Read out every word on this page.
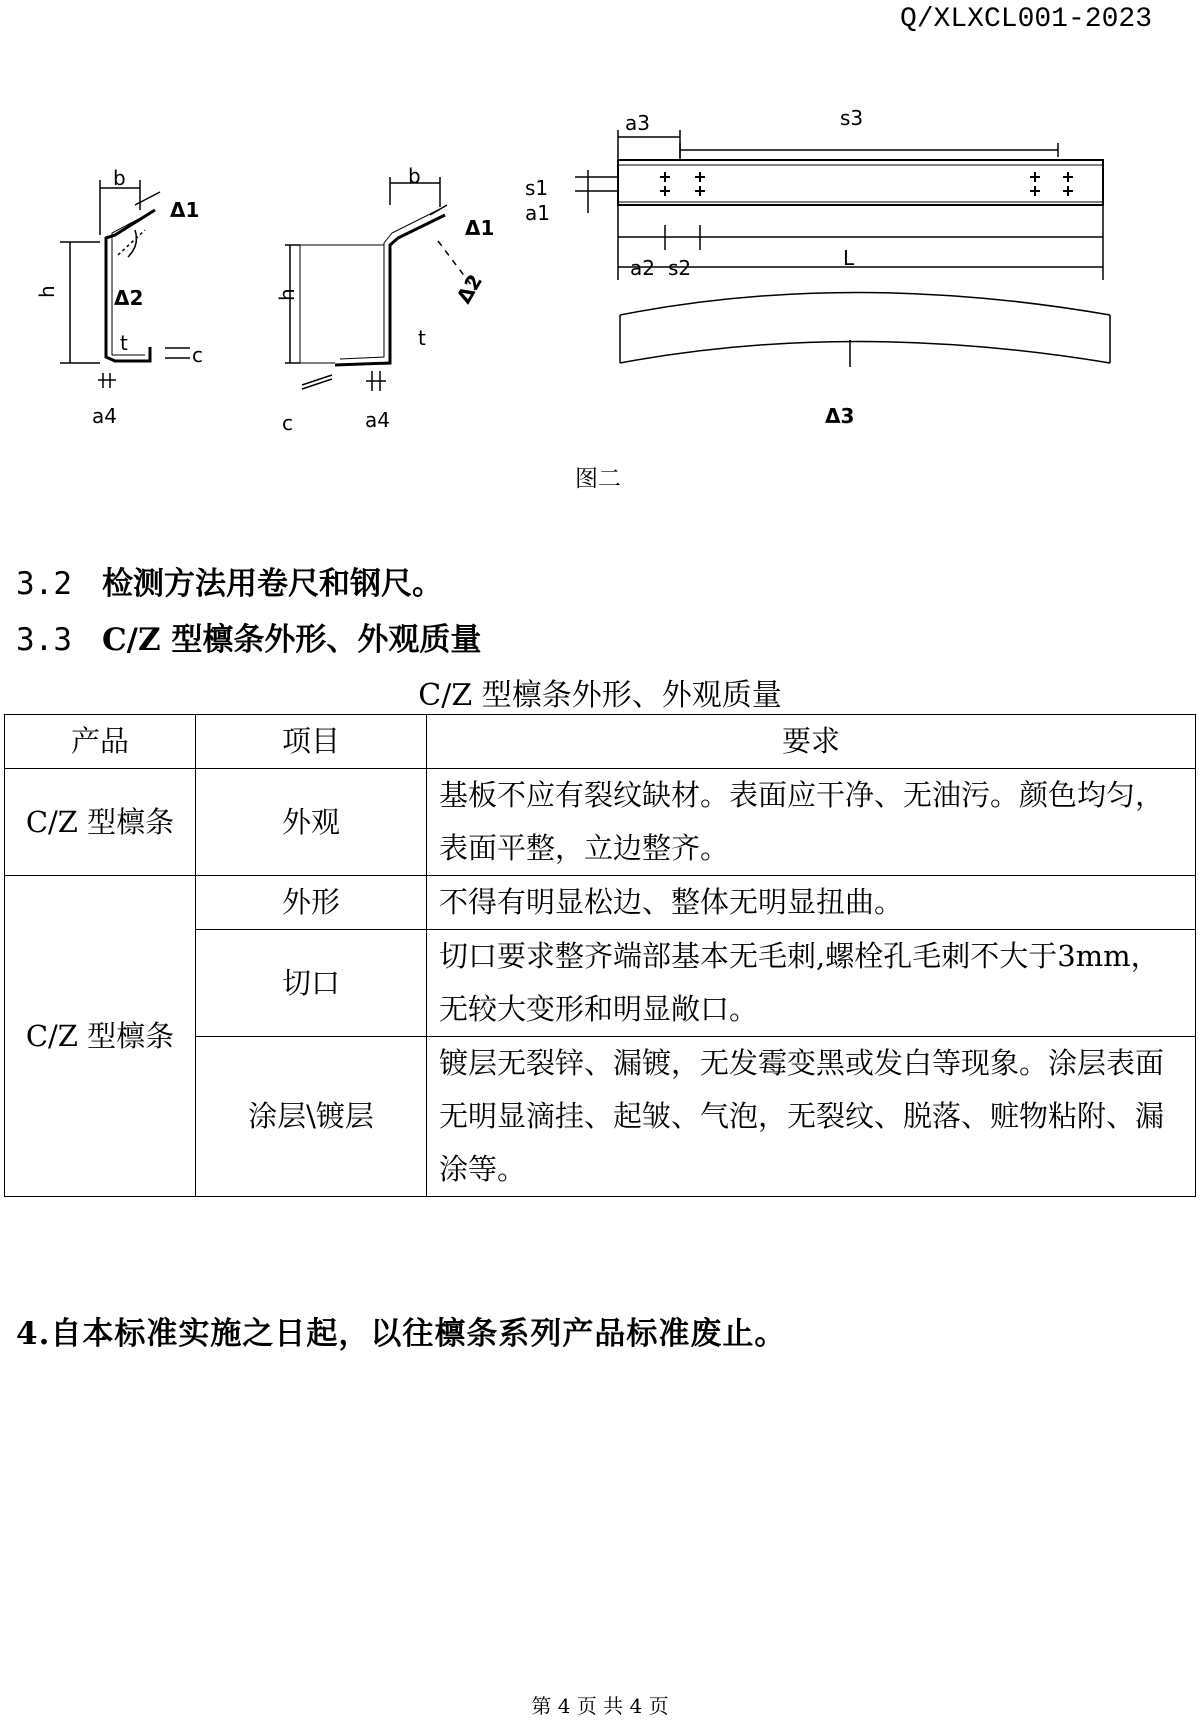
Q/XLXCL001-2023
b
Δ1
h	Δ2
t	c
a4
b
Δ1
h	Δ2
t
c	a4
a3	s3
s1
a1
a2 s2	L
Δ3
图二
3.2 检测方法用卷尺和钢尺。
3.3 C/Z 型檩条外形、外观质量
C/Z 型檩条外形、外观质量
产品	项目	要求
C/Z 型檩条	外观	基板不应有裂纹缺材。表面应干净、无油污。颜色均匀，表面平整，立边整齐。
C/Z 型檩条	外形	不得有明显松边、整体无明显扭曲。
	切口	切口要求整齐端部基本无毛刺,螺栓孔毛刺不大于3mm，无较大变形和明显敞口。
	涂层\镀层	镀层无裂锌、漏镀，无发霉变黑或发白等现象。涂层表面无明显滴挂、起皱、气泡，无裂纹、脱落、赃物粘附、漏涂等。
4.自本标准实施之日起，以往檩条系列产品标准废止。
第 4 页 共 4 页
